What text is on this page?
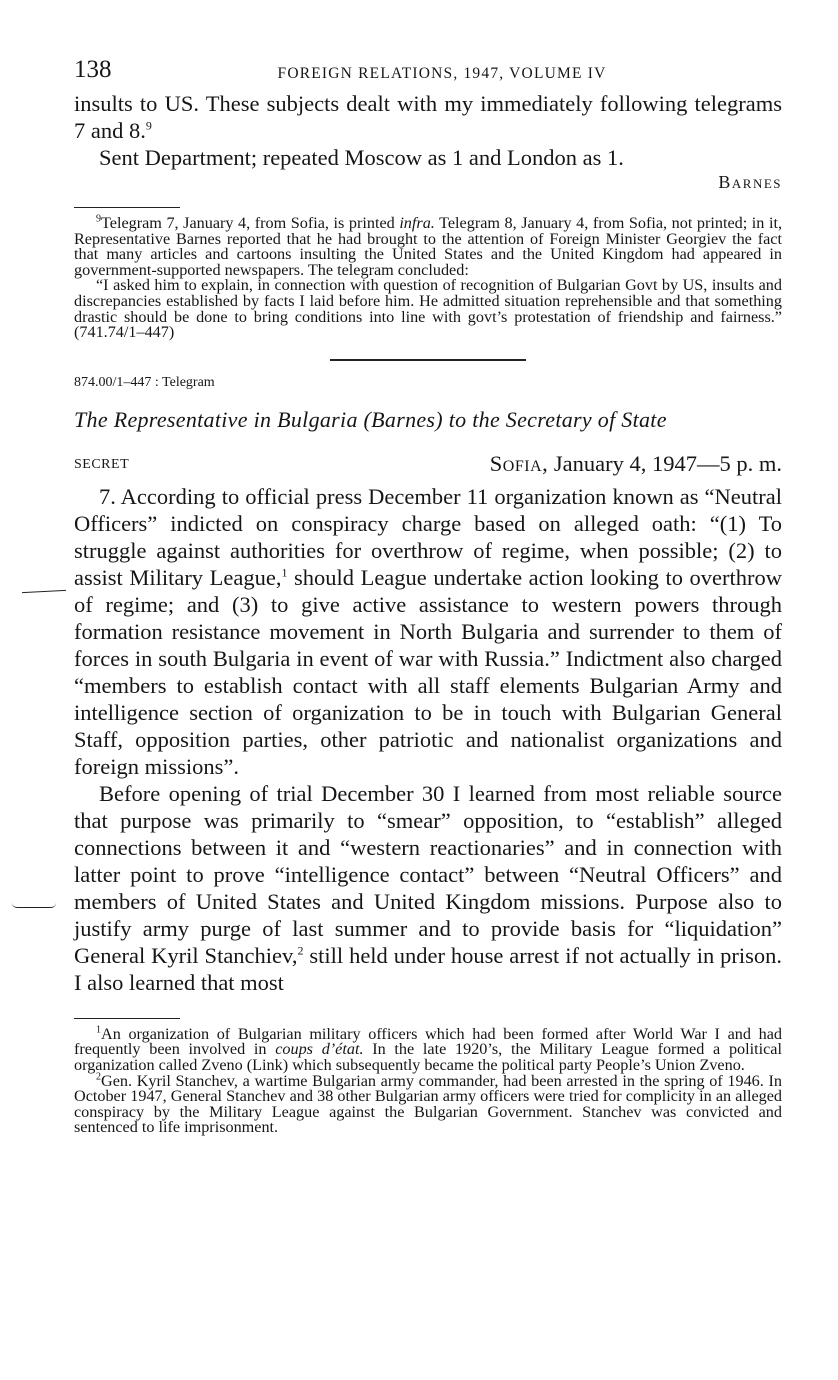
138	FOREIGN RELATIONS, 1947, VOLUME IV

insults to US. These subjects dealt with my immediately following telegrams 7 and 8.$^9$

Sent Department; repeated Moscow as 1 and London as 1.

Barnes

$^9$Telegram 7, January 4, from Sofia, is printed infra. Telegram 8, January 4, from Sofia, not printed; in it, Representative Barnes reported that he had brought to the attention of Foreign Minister Georgiev the fact that many articles and cartoons insulting the United States and the United Kingdom had appeared in government-supported newspapers. The telegram concluded:

“I asked him to explain, in connection with question of recognition of Bulgarian Govt by US, insults and discrepancies established by facts I laid before him. He admitted situation reprehensible and that something drastic should be done to bring conditions into line with govt’s protestation of friendship and fairness.” (741.74/1–447)

874.00/1–447 : Telegram
The Representative in Bulgaria (Barnes) to the Secretary of State
SECRET	Sofia, January 4, 1947—5 p. m.

7. According to official press December 11 organization known as “Neutral Officers” indicted on conspiracy charge based on alleged oath: “(1) To struggle against authorities for overthrow of regime, when possible; (2) to assist Military League,$^1$ should League undertake action looking to overthrow of regime; and (3) to give active assistance to western powers through formation resistance movement in North Bulgaria and surrender to them of forces in south Bulgaria in event of war with Russia.” Indictment also charged “members to establish contact with all staff elements Bulgarian Army and intelligence section of organization to be in touch with Bulgarian General Staff, opposition parties, other patriotic and nationalist organizations and foreign missions”.

Before opening of trial December 30 I learned from most reliable source that purpose was primarily to “smear” opposition, to “establish” alleged connections between it and “western reactionaries” and in connection with latter point to prove “intelligence contact” between “Neutral Officers” and members of United States and United Kingdom missions. Purpose also to justify army purge of last summer and to provide basis for “liquidation” General Kyril Stanchiev,$^2$ still held under house arrest if not actually in prison. I also learned that most

$^1$An organization of Bulgarian military officers which had been formed after World War I and had frequently been involved in coups d’état. In the late 1920’s, the Military League formed a political organization called Zveno (Link) which subsequently became the political party People’s Union Zveno.

$^2$Gen. Kyril Stanchev, a wartime Bulgarian army commander, had been arrested in the spring of 1946. In October 1947, General Stanchev and 38 other Bulgarian army officers were tried for complicity in an alleged conspiracy by the Military League against the Bulgarian Government. Stanchev was convicted and sentenced to life imprisonment.
